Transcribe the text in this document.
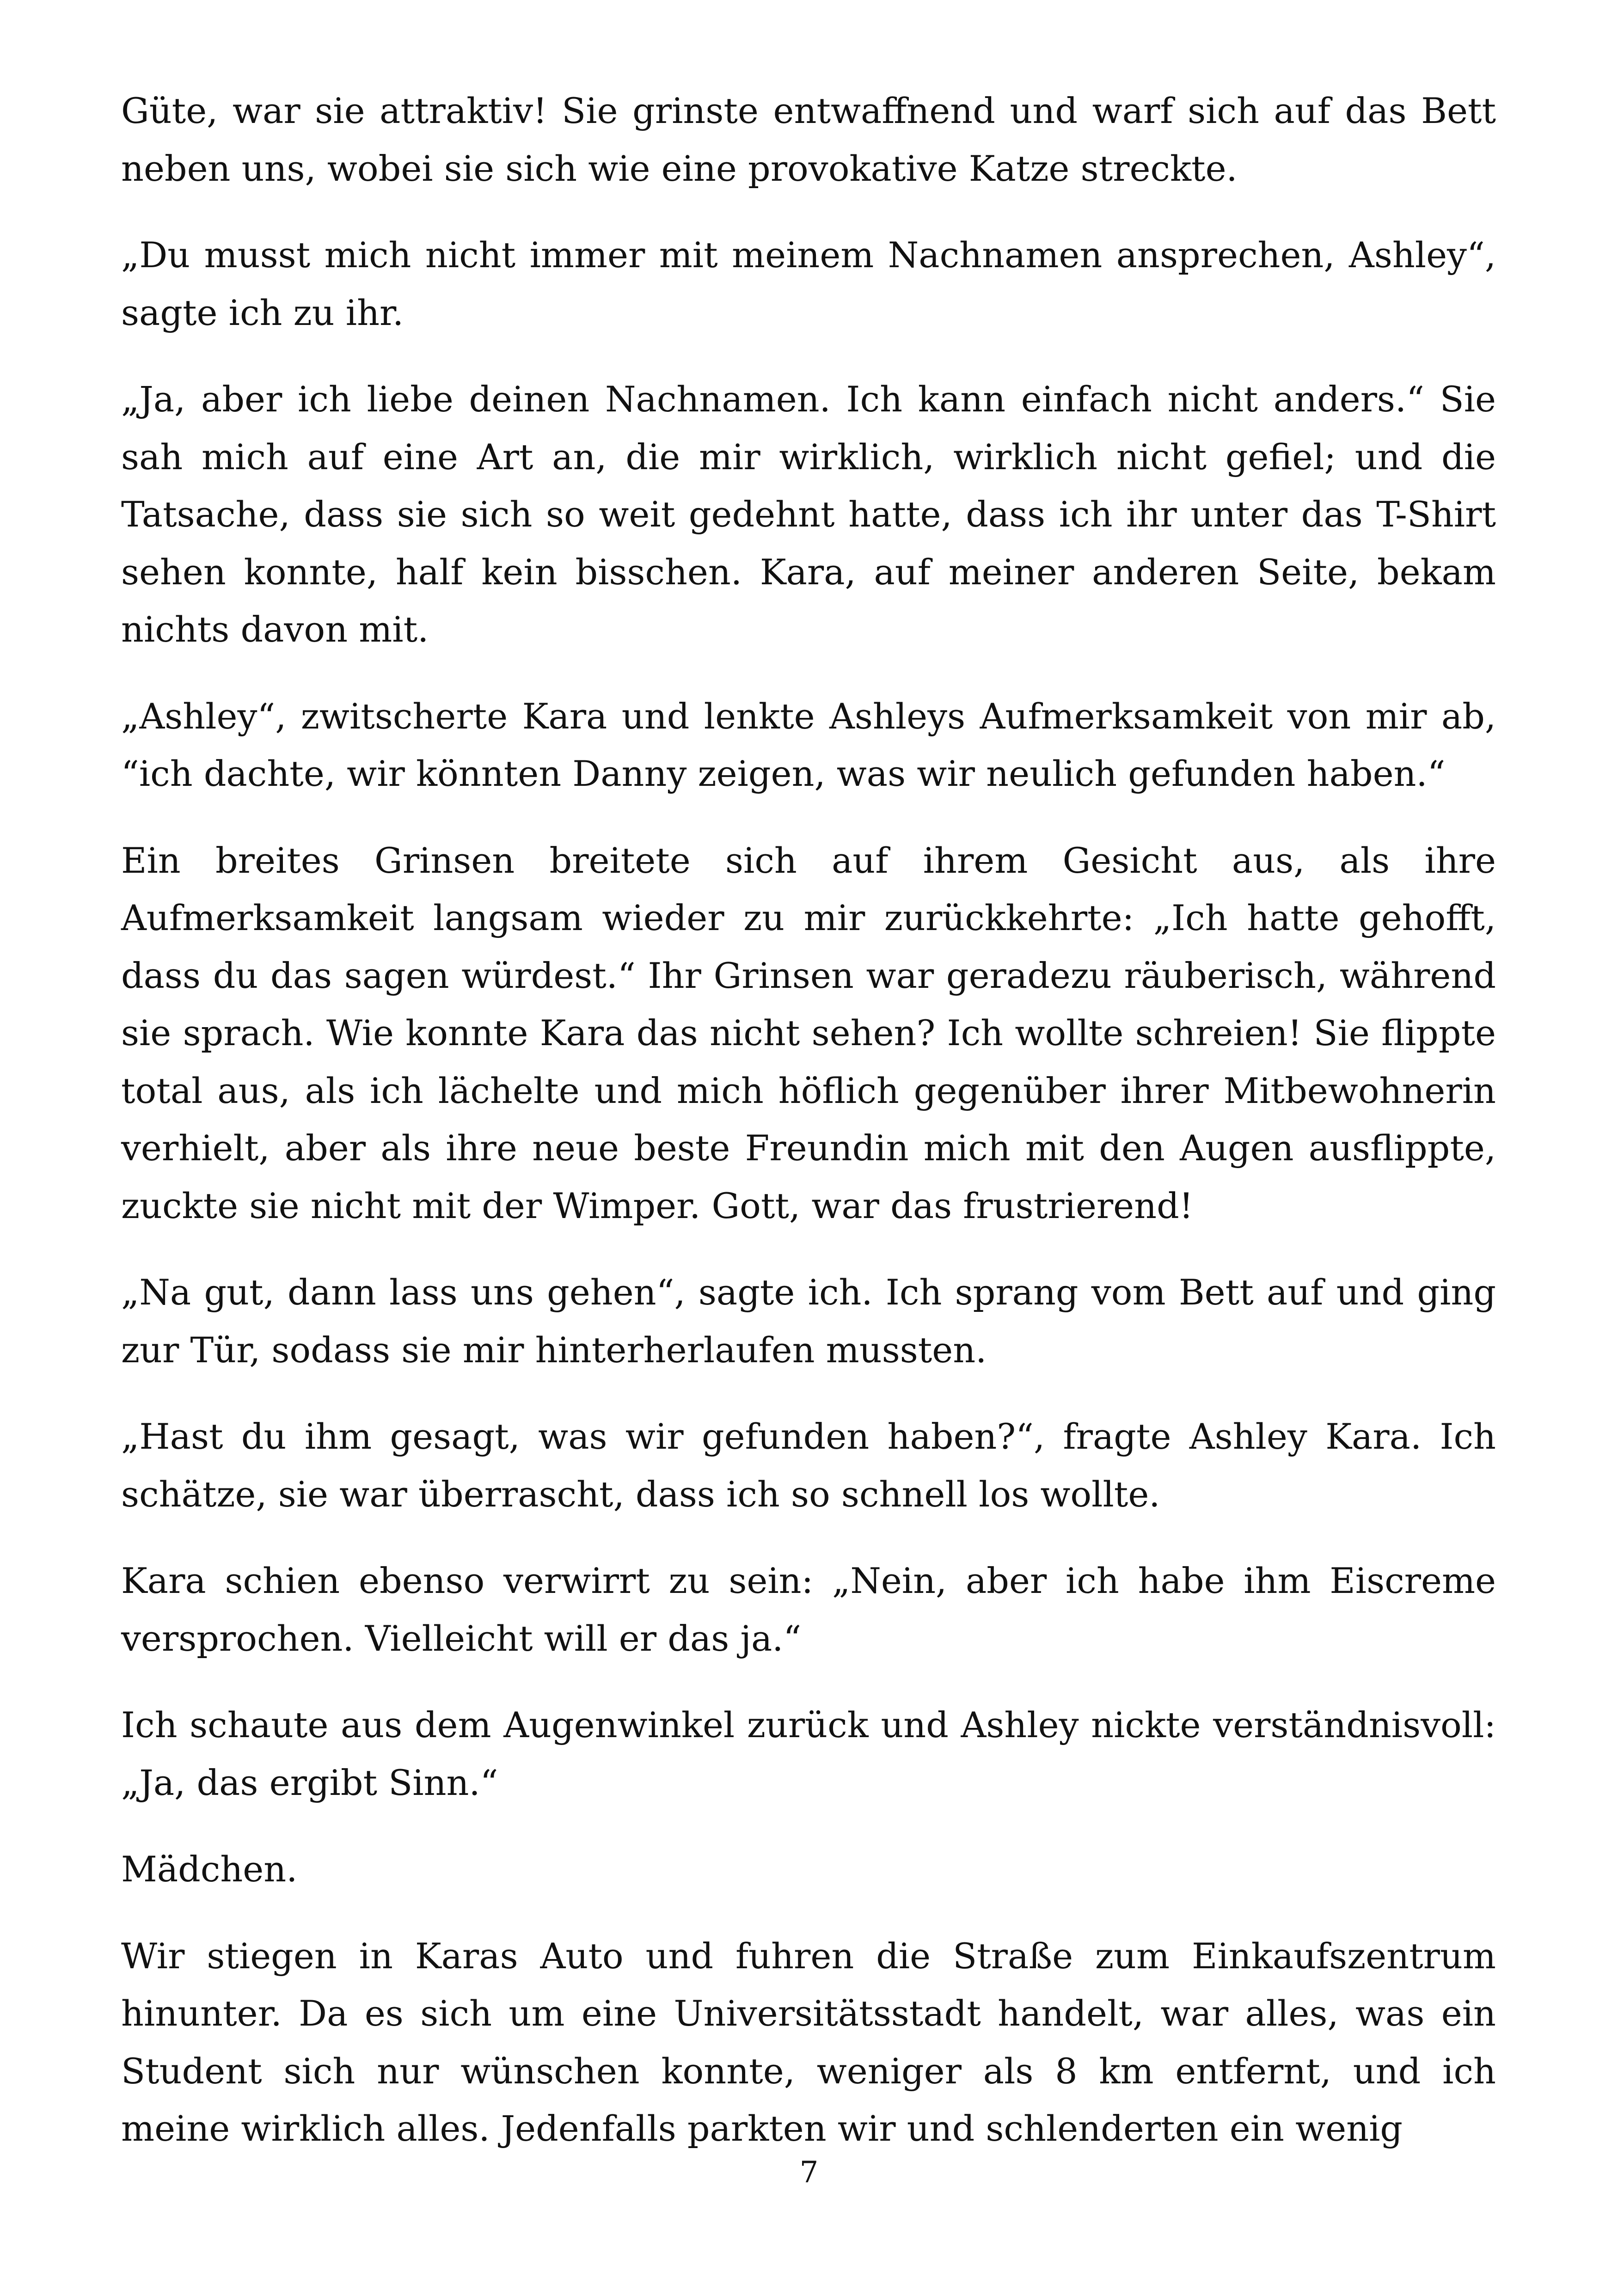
Güte, war sie attraktiv! Sie grinste entwaffnend und warf sich auf das Bett neben uns, wobei sie sich wie eine provokative Katze streckte.

„Du musst mich nicht immer mit meinem Nachnamen ansprechen, Ashley“, sagte ich zu ihr.

„Ja, aber ich liebe deinen Nachnamen. Ich kann einfach nicht anders.“ Sie sah mich auf eine Art an, die mir wirklich, wirklich nicht gefiel; und die Tatsache, dass sie sich so weit gedehnt hatte, dass ich ihr unter das T-Shirt sehen konnte, half kein bisschen. Kara, auf meiner anderen Seite, bekam nichts davon mit.

„Ashley“, zwitscherte Kara und lenkte Ashleys Aufmerksamkeit von mir ab, “ich dachte, wir könnten Danny zeigen, was wir neulich gefunden haben.“

Ein breites Grinsen breitete sich auf ihrem Gesicht aus, als ihre Aufmerksamkeit langsam wieder zu mir zurückkehrte: „Ich hatte gehofft, dass du das sagen würdest.“ Ihr Grinsen war geradezu räuberisch, während sie sprach. Wie konnte Kara das nicht sehen? Ich wollte schreien! Sie flippte total aus, als ich lächelte und mich höflich gegenüber ihrer Mitbewohnerin verhielt, aber als ihre neue beste Freundin mich mit den Augen ausflippte, zuckte sie nicht mit der Wimper. Gott, war das frustrierend!

„Na gut, dann lass uns gehen“, sagte ich. Ich sprang vom Bett auf und ging zur Tür, sodass sie mir hinterherlaufen mussten.

„Hast du ihm gesagt, was wir gefunden haben?“, fragte Ashley Kara. Ich schätze, sie war überrascht, dass ich so schnell los wollte.

Kara schien ebenso verwirrt zu sein: „Nein, aber ich habe ihm Eiscreme versprochen. Vielleicht will er das ja.“

Ich schaute aus dem Augenwinkel zurück und Ashley nickte verständnisvoll: „Ja, das ergibt Sinn.“

Mädchen.

Wir stiegen in Karas Auto und fuhren die Straße zum Einkaufszentrum hinunter. Da es sich um eine Universitätsstadt handelt, war alles, was ein Student sich nur wünschen konnte, weniger als 8 km entfernt, und ich meine wirklich alles. Jedenfalls parkten wir und schlenderten ein wenig

7
